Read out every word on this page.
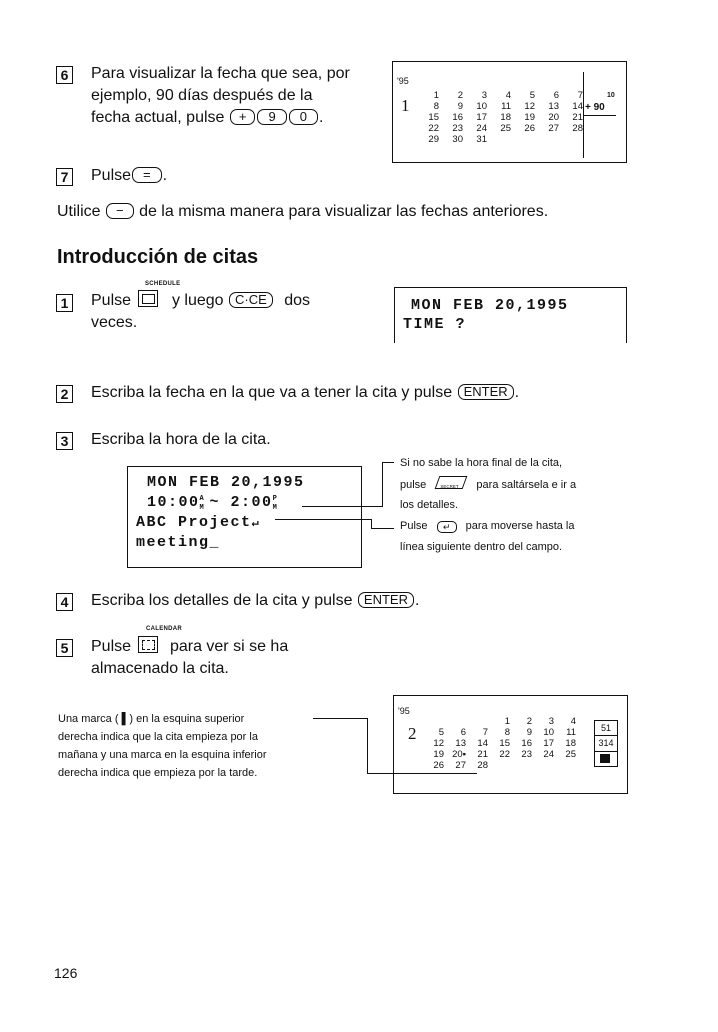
6 Para visualizar la fecha que sea, por
ejemplo, 90 días después de la
fecha actual, pulse + 9 0 .
'95
1
1	2	3	4	5	6	7
8	9	10	11	12	13	14
15	16	17	18	19	20	21
22	23	24	25	26	27	28
29	30	31				
10
+ 90
7 Pulse = .
Utilice − de la misma manera para visualizar las fechas anteriores.
Introducción de citas
SCHEDULE
1 Pulse	y luego C·CE dos
veces.
MON FEB 20,1995
TIME ?
2 Escriba la fecha en la que va a tener la cita y pulse ENTER .
3 Escriba la hora de la cita.
MON FEB 20,1995
10:00 A
M ~ 2:00 P
M
ABC Project↵
meeting_
Si no sabe la hora final de la cita,
pulse	SECRET para saltársela e ir a
los detalles.
Pulse ↵ para moverse hasta la
línea siguiente dentro del campo.
4 Escriba los detalles de la cita y pulse ENTER .
CALENDAR
5 Pulse para ver si se ha
almacenado la cita.
Una marca ( ▌) en la esquina superior
derecha indica que la cita empieza por la
mañana y una marca en la esquina inferior
derecha indica que empieza por la tarde.
'95
2
			1	2	3	4
5	6	7	8	9	10	11
12	13	14	15	16	17	18
19	20▪	21	22	23	24	25
26	27	28				
51
314
126
